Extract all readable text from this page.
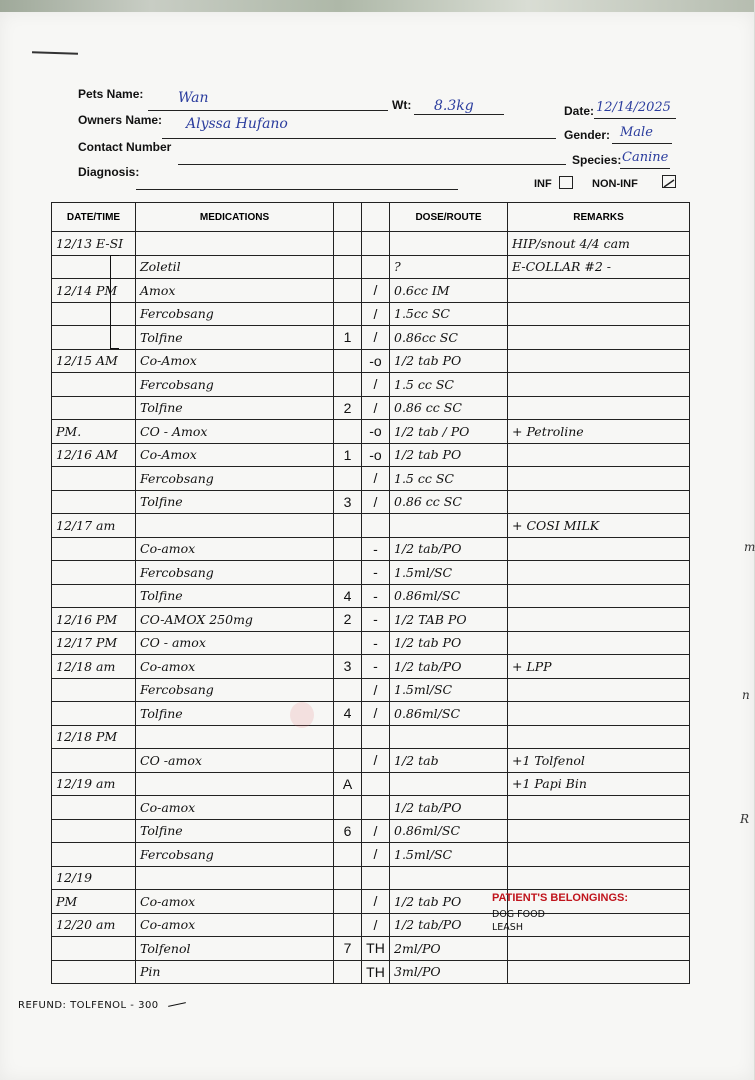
Pets Name: Wan	Wt: 8.3kg	Date: 12/14/2025
Owners Name: Alyssa Hufano
Gender: Male
Contact Number
Species: Canine
Diagnosis:
INF	NON-INF
DATE/TIME	MEDICATIONS			DOSE/ROUTE	REMARKS
12/13 E-SI					HIP/snout 4/4 cam
	Zoletil			?	E-COLLAR #2 -
12/14 PM	Amox		/	0.6cc IM	
	Fercobsang		/	1.5cc SC	
	Tolfine	1	/	0.86cc SC	
12/15 AM	Co-Amox		-o	1/2 tab PO	
	Fercobsang		/	1.5 cc SC	
	Tolfine	2	/	0.86 cc SC	
PM.	CO - Amox		-o	1/2 tab / PO	+ Petroline
12/16 AM	Co-Amox	1	-o	1/2 tab PO	
	Fercobsang		/	1.5 cc SC	
	Tolfine	3	/	0.86 cc SC	
12/17 am					+ COSI MILK
	Co-amox		-	1/2 tab/PO	
	Fercobsang		-	1.5ml/SC	
	Tolfine	4	-	0.86ml/SC	
12/16 PM	CO-AMOX 250mg	2	-	1/2 TAB PO	
12/17 PM	CO - amox		-	1/2 tab PO	
12/18 am	Co-amox	3	-	1/2 tab/PO	+ LPP
	Fercobsang		/	1.5ml/SC	
	Tolfine	4	/	0.86ml/SC	
12/18 PM					
	CO -amox		/	1/2 tab	+1 Tolfenol
12/19 am		A			+1 Papi Bin
	Co-amox			1/2 tab/PO	
	Tolfine	6	/	0.86ml/SC	
	Fercobsang		/	1.5ml/SC	
12/19					
PM	Co-amox		/	1/2 tab PO	
12/20 am	Co-amox		/	1/2 tab/PO	
	Tolfenol	7	TH	2ml/PO	
	Pin		TH	3ml/PO	
PATIENT'S BELONGINGS:
DOG FOOD
LEASH
REFUND: TOLFENOL - 300
m
n
R
